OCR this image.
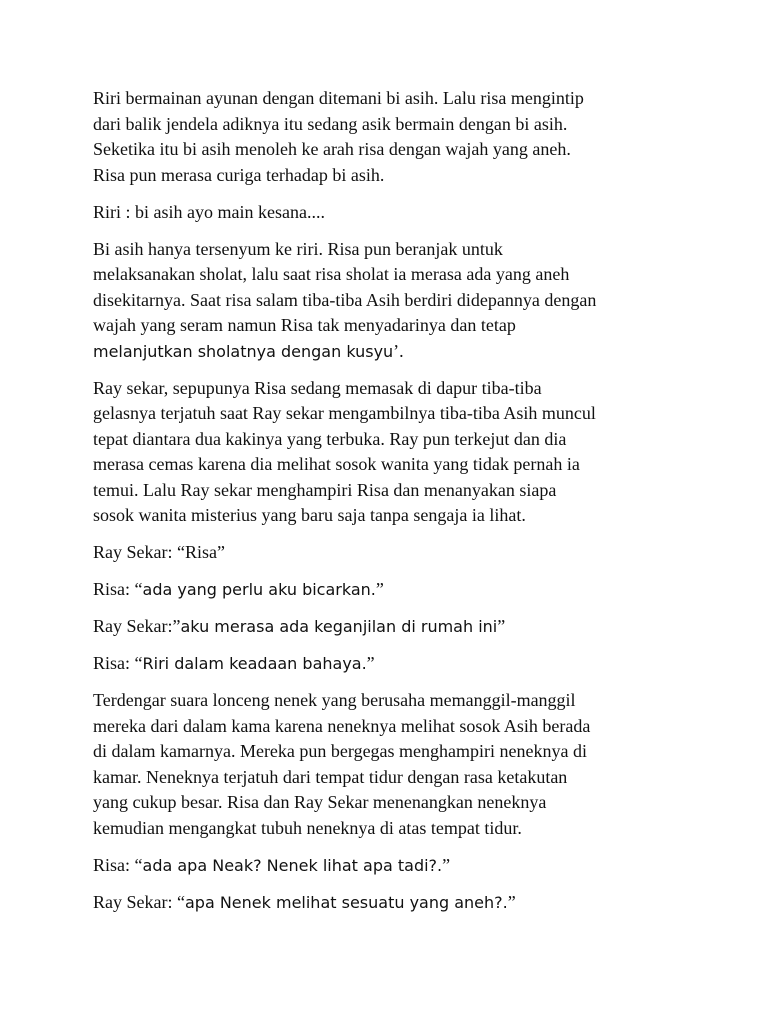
Riri bermainan ayunan dengan ditemani bi asih. Lalu risa mengintip
dari balik jendela adiknya itu sedang asik bermain dengan bi asih.
Seketika itu bi asih menoleh ke arah risa dengan wajah yang aneh.
Risa pun merasa curiga terhadap bi asih.

Riri : bi asih ayo main kesana....

Bi asih hanya tersenyum ke riri. Risa pun beranjak untuk
melaksanakan sholat, lalu saat risa sholat ia merasa ada yang aneh
disekitarnya. Saat risa salam tiba-tiba Asih berdiri didepannya dengan
wajah yang seram namun Risa tak menyadarinya dan tetap
melanjutkan sholatnya dengan kusyu’.

Ray sekar, sepupunya Risa sedang memasak di dapur tiba-tiba
gelasnya terjatuh saat Ray sekar mengambilnya tiba-tiba Asih muncul
tepat diantara dua kakinya yang terbuka. Ray pun terkejut dan dia
merasa cemas karena dia melihat sosok wanita yang tidak pernah ia
temui. Lalu Ray sekar menghampiri Risa dan menanyakan siapa
sosok wanita misterius yang baru saja tanpa sengaja ia lihat.

Ray Sekar: “Risa”

Risa: “ada yang perlu aku bicarkan.”

Ray Sekar:”aku merasa ada keganjilan di rumah ini”

Risa: “Riri dalam keadaan bahaya.”

Terdengar suara lonceng nenek yang berusaha memanggil-manggil
mereka dari dalam kama karena neneknya melihat sosok Asih berada
di dalam kamarnya. Mereka pun bergegas menghampiri neneknya di
kamar. Neneknya terjatuh dari tempat tidur dengan rasa ketakutan
yang cukup besar. Risa dan Ray Sekar menenangkan neneknya
kemudian mengangkat tubuh neneknya di atas tempat tidur.

Risa: “ada apa Neak? Nenek lihat apa tadi?.”

Ray Sekar: “apa Nenek melihat sesuatu yang aneh?.”
